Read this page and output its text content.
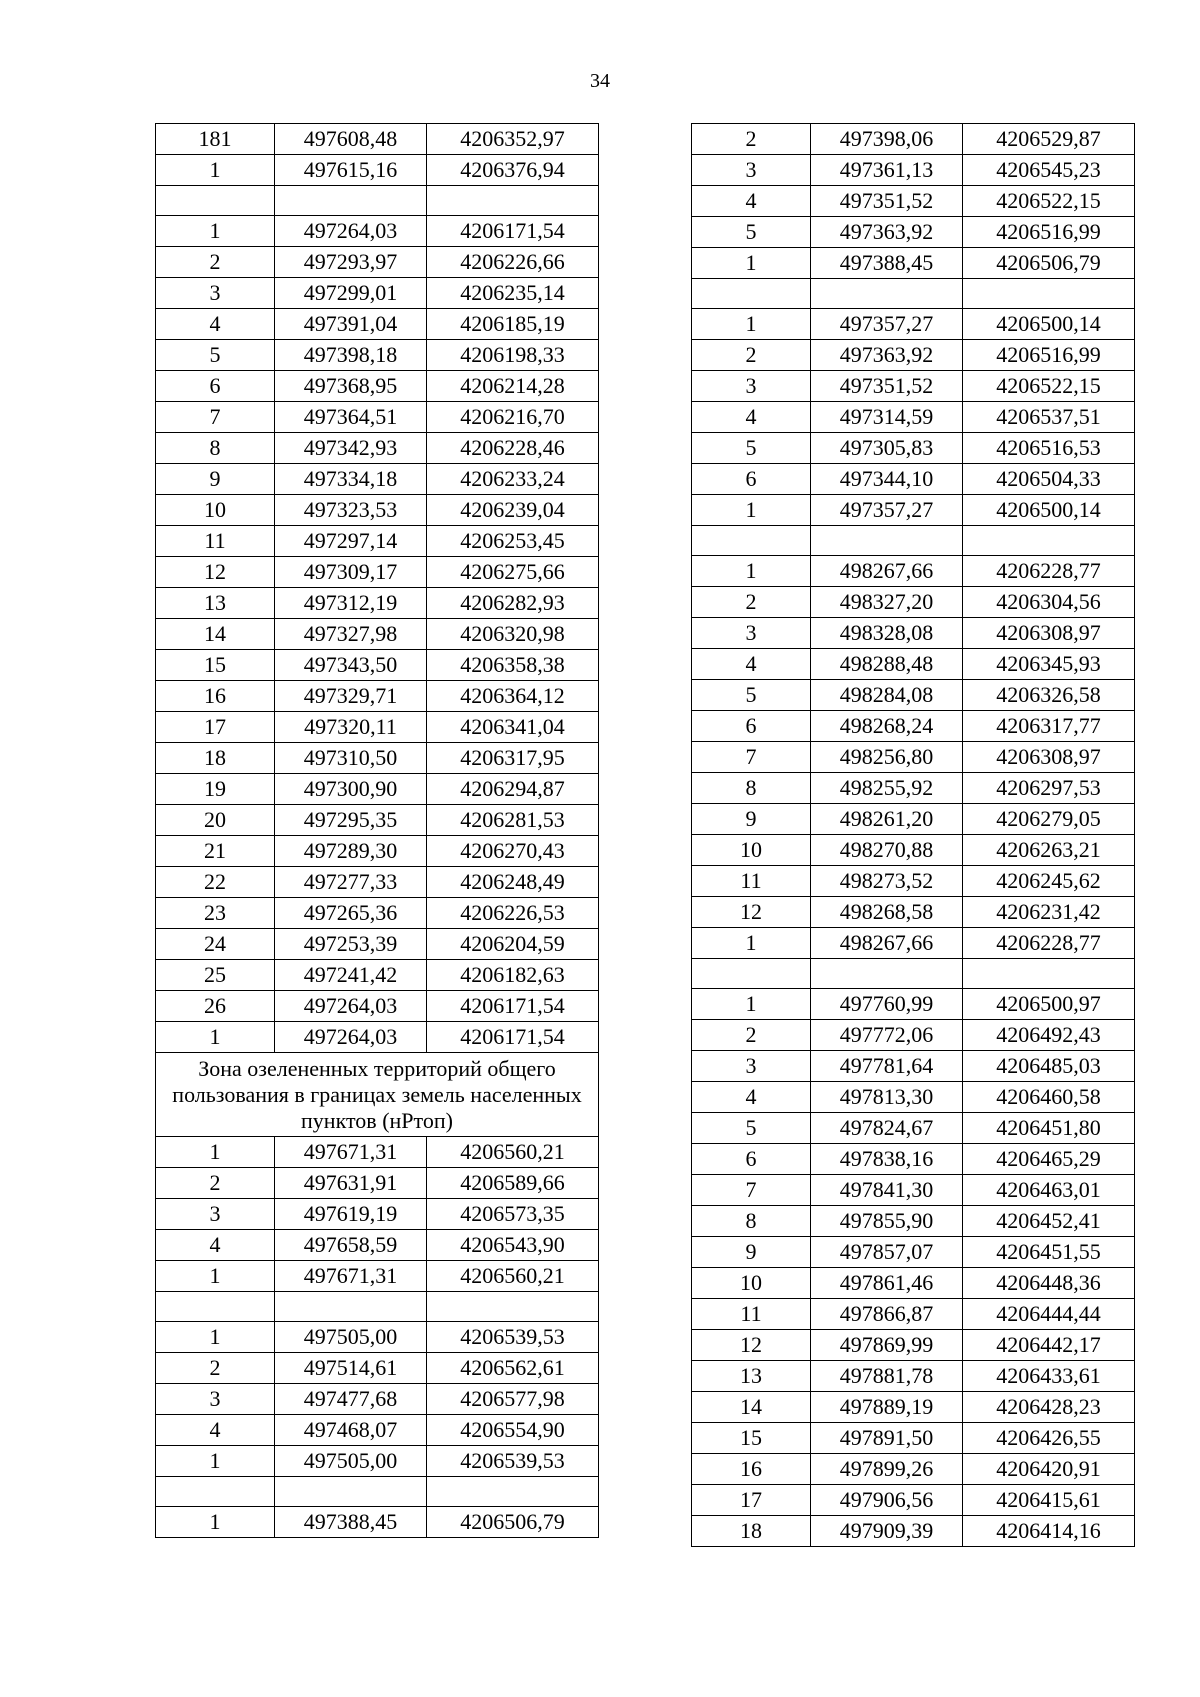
34
181	497608,48	4206352,97
1	497615,16	4206376,94

1	497264,03	4206171,54
2	497293,97	4206226,66
3	497299,01	4206235,14
4	497391,04	4206185,19
5	497398,18	4206198,33
6	497368,95	4206214,28
7	497364,51	4206216,70
8	497342,93	4206228,46
9	497334,18	4206233,24
10	497323,53	4206239,04
11	497297,14	4206253,45
12	497309,17	4206275,66
13	497312,19	4206282,93
14	497327,98	4206320,98
15	497343,50	4206358,38
16	497329,71	4206364,12
17	497320,11	4206341,04
18	497310,50	4206317,95
19	497300,90	4206294,87
20	497295,35	4206281,53
21	497289,30	4206270,43
22	497277,33	4206248,49
23	497265,36	4206226,53
24	497253,39	4206204,59
25	497241,42	4206182,63
26	497264,03	4206171,54
1	497264,03	4206171,54
Зона озелененных территорий общего пользования в границах земель населенных пунктов (нРтоп)		
1	497671,31	4206560,21
2	497631,91	4206589,66
3	497619,19	4206573,35
4	497658,59	4206543,90
1	497671,31	4206560,21

1	497505,00	4206539,53
2	497514,61	4206562,61
3	497477,68	4206577,98
4	497468,07	4206554,90
1	497505,00	4206539,53

1	497388,45	4206506,79
2	497398,06	4206529,87
3	497361,13	4206545,23
4	497351,52	4206522,15
5	497363,92	4206516,99
1	497388,45	4206506,79

1	497357,27	4206500,14
2	497363,92	4206516,99
3	497351,52	4206522,15
4	497314,59	4206537,51
5	497305,83	4206516,53
6	497344,10	4206504,33
1	497357,27	4206500,14

1	498267,66	4206228,77
2	498327,20	4206304,56
3	498328,08	4206308,97
4	498288,48	4206345,93
5	498284,08	4206326,58
6	498268,24	4206317,77
7	498256,80	4206308,97
8	498255,92	4206297,53
9	498261,20	4206279,05
10	498270,88	4206263,21
11	498273,52	4206245,62
12	498268,58	4206231,42
1	498267,66	4206228,77

1	497760,99	4206500,97
2	497772,06	4206492,43
3	497781,64	4206485,03
4	497813,30	4206460,58
5	497824,67	4206451,80
6	497838,16	4206465,29
7	497841,30	4206463,01
8	497855,90	4206452,41
9	497857,07	4206451,55
10	497861,46	4206448,36
11	497866,87	4206444,44
12	497869,99	4206442,17
13	497881,78	4206433,61
14	497889,19	4206428,23
15	497891,50	4206426,55
16	497899,26	4206420,91
17	497906,56	4206415,61
18	497909,39	4206414,16
